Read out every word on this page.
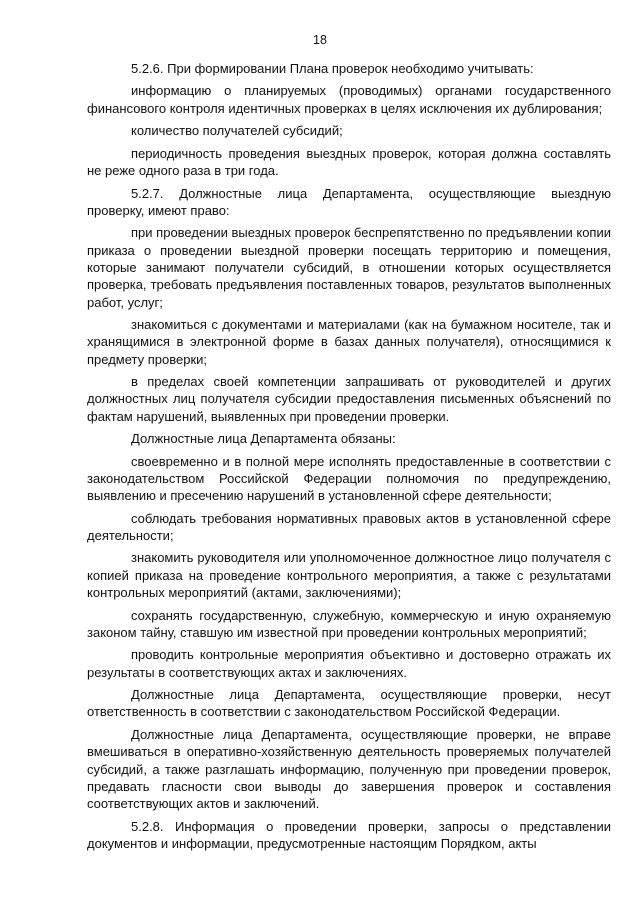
18

5.2.6. При формировании Плана проверок необходимо учитывать:

информацию о планируемых (проводимых) органами государственного финансового контроля идентичных проверках в целях исключения их дублирования;

количество получателей субсидий;

периодичность проведения выездных проверок, которая должна составлять не реже одного раза в три года.

5.2.7. Должностные лица Департамента, осуществляющие выездную проверку, имеют право:

при проведении выездных проверок беспрепятственно по предъявлении копии приказа о проведении выездной проверки посещать территорию и помещения, которые занимают получатели субсидий, в отношении которых осуществляется проверка, требовать предъявления поставленных товаров, результатов выполненных работ, услуг;

знакомиться с документами и материалами (как на бумажном носителе, так и хранящимися в электронной форме в базах данных получателя), относящимися к предмету проверки;

в пределах своей компетенции запрашивать от руководителей и других должностных лиц получателя субсидии предоставления письменных объяснений по фактам нарушений, выявленных при проведении проверки.

Должностные лица Департамента обязаны:

своевременно и в полной мере исполнять предоставленные в соответствии с законодательством Российской Федерации полномочия по предупреждению, выявлению и пресечению нарушений в установленной сфере деятельности;

соблюдать требования нормативных правовых актов в установленной сфере деятельности;

знакомить руководителя или уполномоченное должностное лицо получателя с копией приказа на проведение контрольного мероприятия, а также с результатами контрольных мероприятий (актами, заключениями);

сохранять государственную, служебную, коммерческую и иную охраняемую законом тайну, ставшую им известной при проведении контрольных мероприятий;

проводить контрольные мероприятия объективно и достоверно отражать их результаты в соответствующих актах и заключениях.

Должностные лица Департамента, осуществляющие проверки, несут ответственность в соответствии с законодательством Российской Федерации.

Должностные лица Департамента, осуществляющие проверки, не вправе вмешиваться в оперативно-хозяйственную деятельность проверяемых получателей субсидий, а также разглашать информацию, полученную при проведении проверок, предавать гласности свои выводы до завершения проверок и составления соответствующих актов и заключений.

5.2.8. Информация о проведении проверки, запросы о представлении документов и информации, предусмотренные настоящим Порядком, акты
